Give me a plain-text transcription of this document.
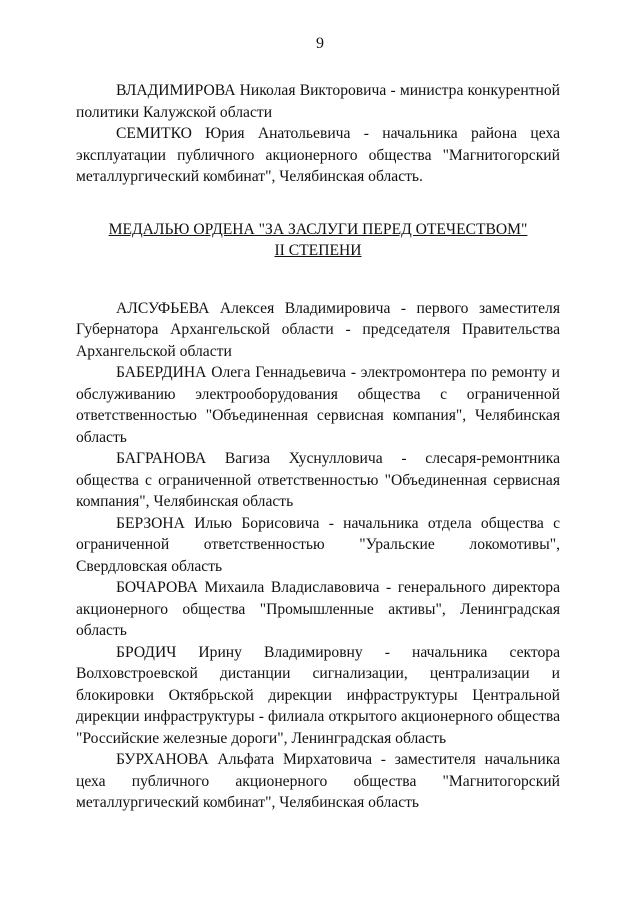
9

ВЛАДИМИРОВА Николая Викторовича - министра конкурентной политики Калужской области

СЕМИТКО Юрия Анатольевича - начальника района цеха эксплуатации публичного акционерного общества "Магнитогорский металлургический комбинат", Челябинская область.

МЕДАЛЬЮ ОРДЕНА "ЗА ЗАСЛУГИ ПЕРЕД ОТЕЧЕСТВОМ"
II СТЕПЕНИ

АЛСУФЬЕВА Алексея Владимировича - первого заместителя Губернатора Архангельской области - председателя Правительства Архангельской области

БАБЕРДИНА Олега Геннадьевича - электромонтера по ремонту и обслуживанию электрооборудования общества с ограниченной ответственностью "Объединенная сервисная компания", Челябинская область

БАГРАНОВА Вагиза Хуснулловича - слесаря-ремонтника общества с ограниченной ответственностью "Объединенная сервисная компания", Челябинская область

БЕРЗОНА Илью Борисовича - начальника отдела общества с ограниченной ответственностью "Уральские локомотивы", Свердловская область

БОЧАРОВА Михаила Владиславовича - генерального директора акционерного общества "Промышленные активы", Ленинградская область

БРОДИЧ Ирину Владимировну - начальника сектора Волховстроевской дистанции сигнализации, централизации и блокировки Октябрьской дирекции инфраструктуры Центральной дирекции инфраструктуры - филиала открытого акционерного общества "Российские железные дороги", Ленинградская область

БУРХАНОВА Альфата Мирхатовича - заместителя начальника цеха публичного акционерного общества "Магнитогорский металлургический комбинат", Челябинская область
